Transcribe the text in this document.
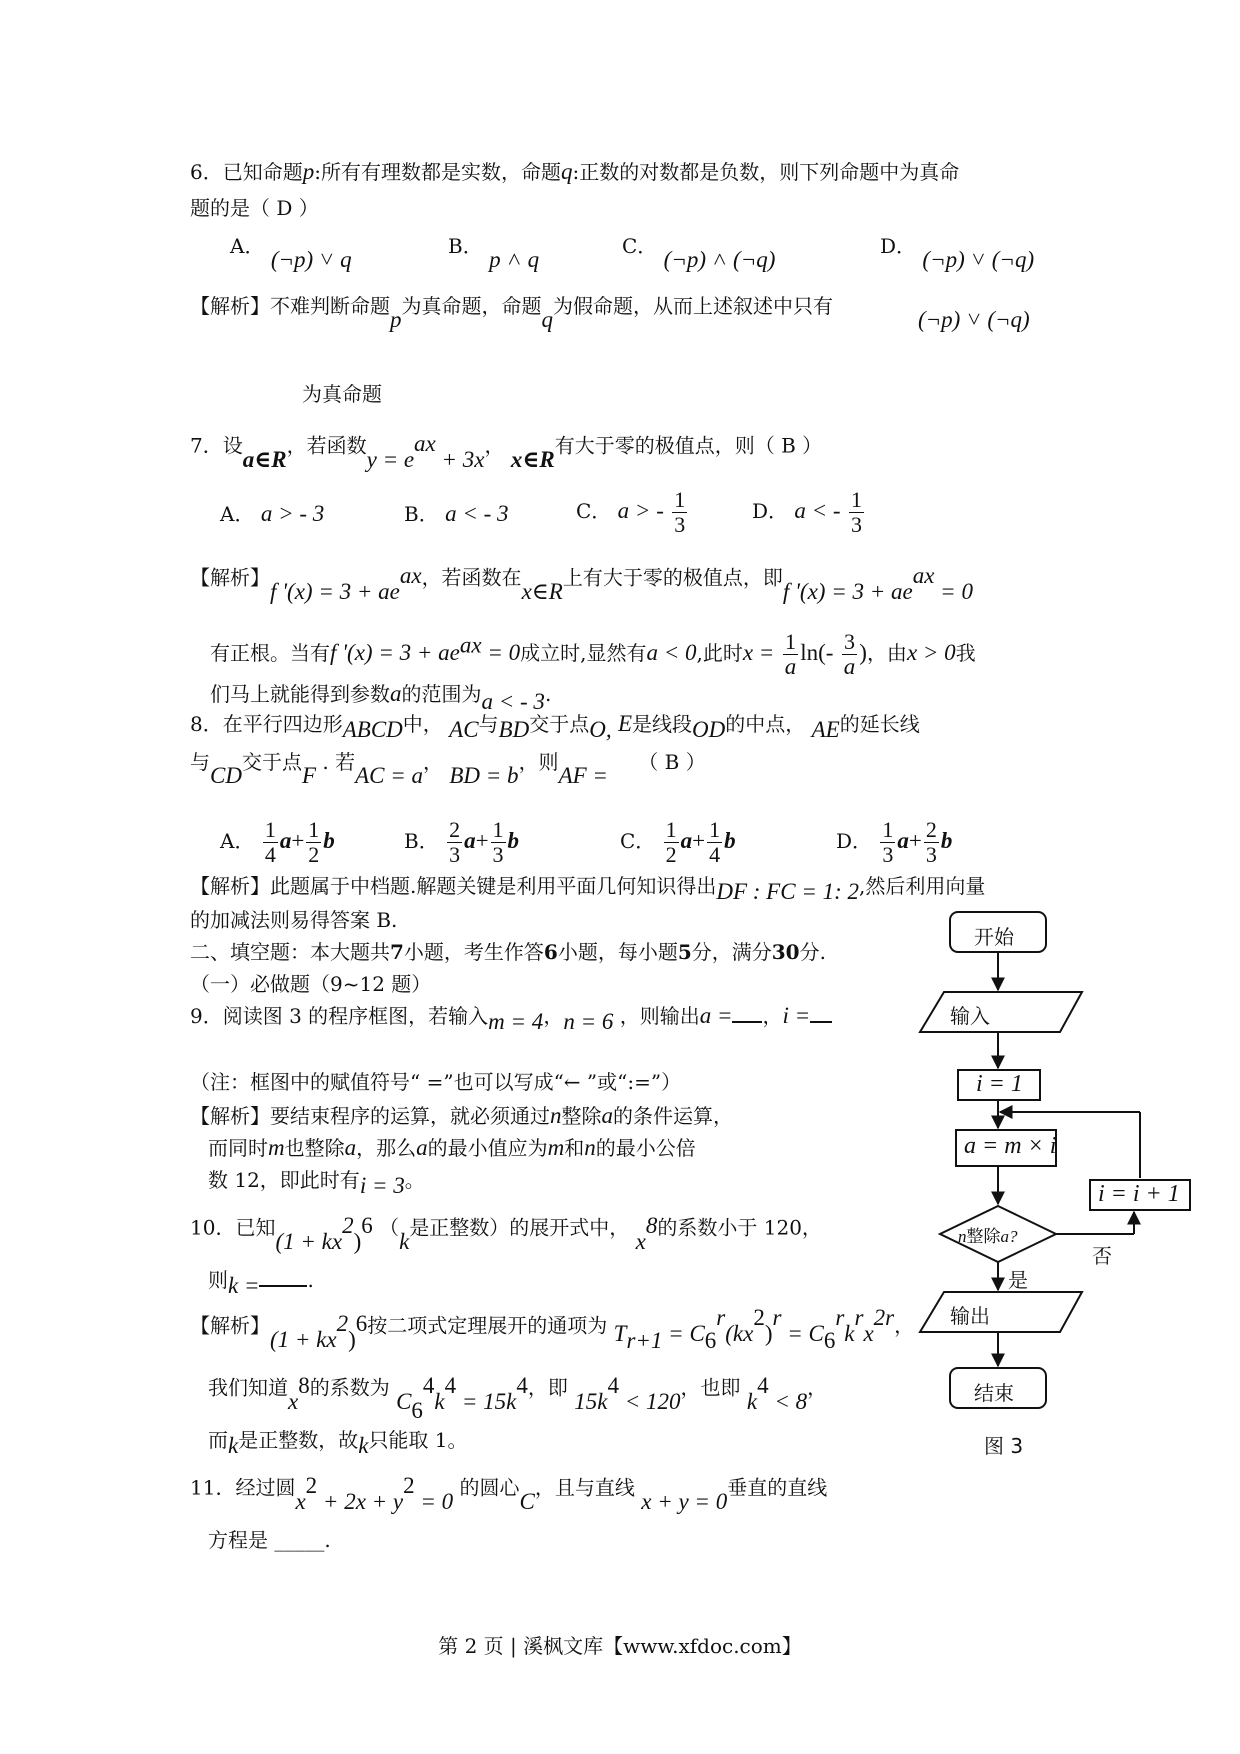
6．已知命题p:所有有理数都是实数，命题q:正数的对数都是负数，则下列命题中为真命
题的是（ D ）
A． (¬p) ˅ q
B． p ˄ q
C． (¬p) ˄ (¬q)
D． (¬p) ˅ (¬q)
【解析】不难判断命题p为真命题，命题q为假命题，从而上述叙述中只有
(¬p) ˅ (¬q)
为真命题
7．设a∈R，若函数$y = e^{ax} + 3x$， x∈R有大于零的极值点，则（ B ）
A． a > - 3	B． a < - 3	C． a > - $\frac{1}{3}$	D． a < - $\frac{1}{3}$
【解析】f '$(x) = 3 + ae^{ax}$，若函数在x∈R上有大于零的极值点，即f '$(x) = 3 + ae^{ax} = 0$
有正根。当有f '$(x) = 3 + ae^{ax} = 0$成立时,显然有a < 0,此时$x = \frac{1}{a} \ln(- \frac{3}{a}$ )，由x > 0我
们马上就能得到参数a的范围为a < - 3.
8．在平行四边形ABCD中， AC与BD交于点O, E是线段OD的中点， AE的延长线
与CD交于点F . 若AC = a， BD = b，则AF = （ B ）
A． $\frac{1}{4} a+ \frac{1}{2}$ b	B． $\frac{2}{3} a+ \frac{1}{3}$ b	C． $\frac{1}{2} a+ \frac{1}{4}$ b	D． $\frac{1}{3} a+ \frac{2}{3}$ b
【解析】此题属于中档题.解题关键是利用平面几何知识得出DF : FC = 1: 2,然后利用向量
的加减法则易得答案 B.
二、填空题：本大题共7小题，考生作答6小题，每小题5分，满分30分.
（一）必做题（9~12 题）
9．阅读图 3 的程序框图，若输入m = 4，n = 6 ，则输出a = ，i =
（注：框图中的赋值符号“ =”也可以写成“← ”或“:=”）
【解析】要结束程序的运算，就必须通过n整除a的条件运算，
而同时m也整除a，那么a的最小值应为m和n的最小公倍
数 12，即此时有i = 3。
10．已知$(1 + kx^2)^6$ （k是正整数）的展开式中， $x^8$的系数小于 120，
则k = .
【解析】$(1 + kx^2)^6$按二项式定理展开的通项为 $T_{r+1} = C_6^r(kx^2)^r = C_6^rk^rx^{2r}$，
我们知道$x^8$的系数为 $C_6^4k^4 = 15k^4$，即 $15k^4 < 120$，也即 $k^4 < 8$，
而k是正整数，故k只能取 1。
11．经过圆$x^2 + 2x + y^2 = 0$ 的圆心C，且与直线 x + y = 0垂直的直线
方程是 _____.
开始
输入
i = 1
a = m × i
n整除a?
i = i + 1
是
否
输出
结束
图 3
第 2 页 | 溪枫文库【www.xfdoc.com】
